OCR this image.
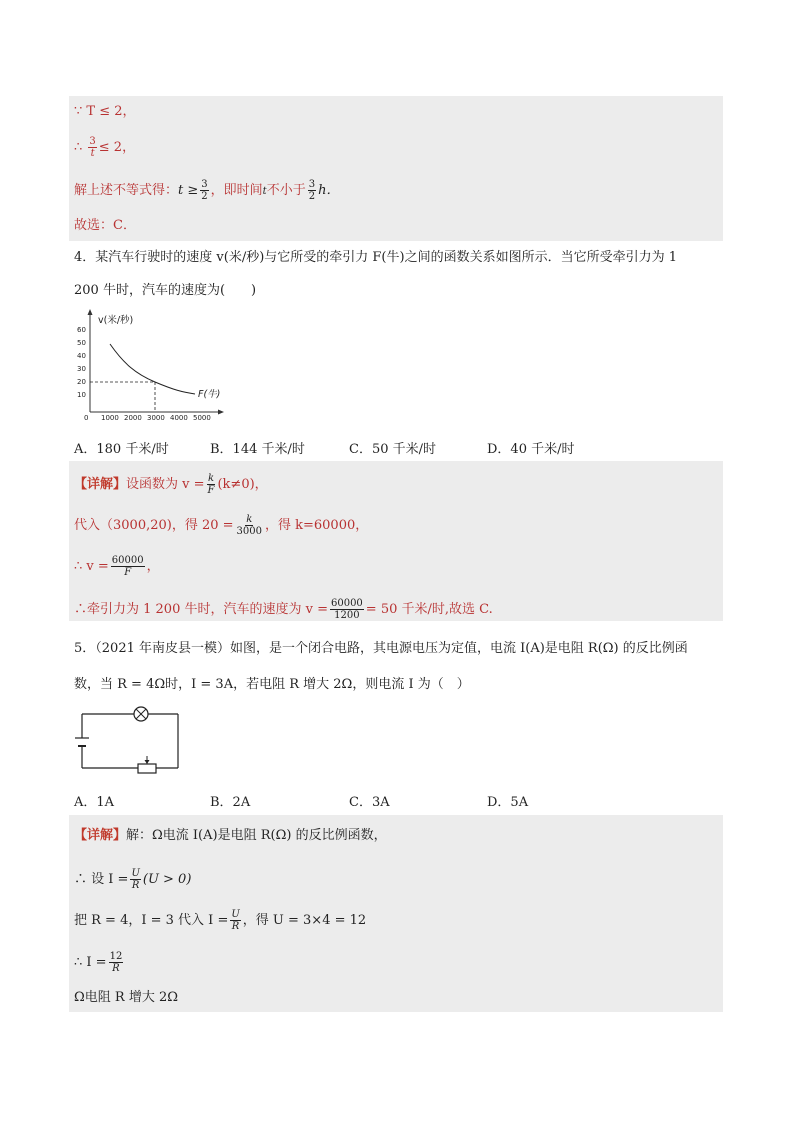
∵ T ≤ 2，
∴ $\frac{3}{t} \le 2$，
解上述不等式得：$t \ge \frac{3}{2}$ ，即时间t不小于 $\frac{3}{2}$ h．
故选：C．
4．某汽车行驶时的速度 v(米/秒)与它所受的牵引力 F(牛)之间的函数关系如图所示．当它所受牵引力为 1
200 牛时，汽车的速度为(　　)
v(米/秒)
F(牛)
0
60
50
40
30
20
10
1000 2000 3000 4000 5000
A．180 千米/时	B．144 千米/时	C．50 千米/时	D．40 千米/时
【详解】设函数为 $v = \frac{k}{F} (k\ne 0)$，
代入（3000,20)，得 $20 = \frac{k}{3000}$ ，得 k=60000，
∴ $v = \frac{60000}{F}$ ，
∴牵引力为 1 200 牛时，汽车的速度为 $v = \frac{60000}{1200} = 50$ 千米/时,故选 C.
5．（2021 年南皮县一模）如图，是一个闭合电路，其电源电压为定值，电流 I(A)是电阻 R(Ω) 的反比例函
数，当 R = 4Ω时，I = 3A，若电阻 R 增大 2Ω，则电流 I 为（　）
A．1A	B．2A	C．3A	D．5A
【详解】解：Ω电流 I(A)是电阻 R(Ω) 的反比例函数，
∴ 设 $I = \frac{U}{R} (U > 0)$
把 R = 4，I = 3 代入 $I = \frac{U}{R}$ ，得 U = 3×4 = 12
∴ $I = \frac{12}{R}$
Ω电阻 R 增大 2Ω
